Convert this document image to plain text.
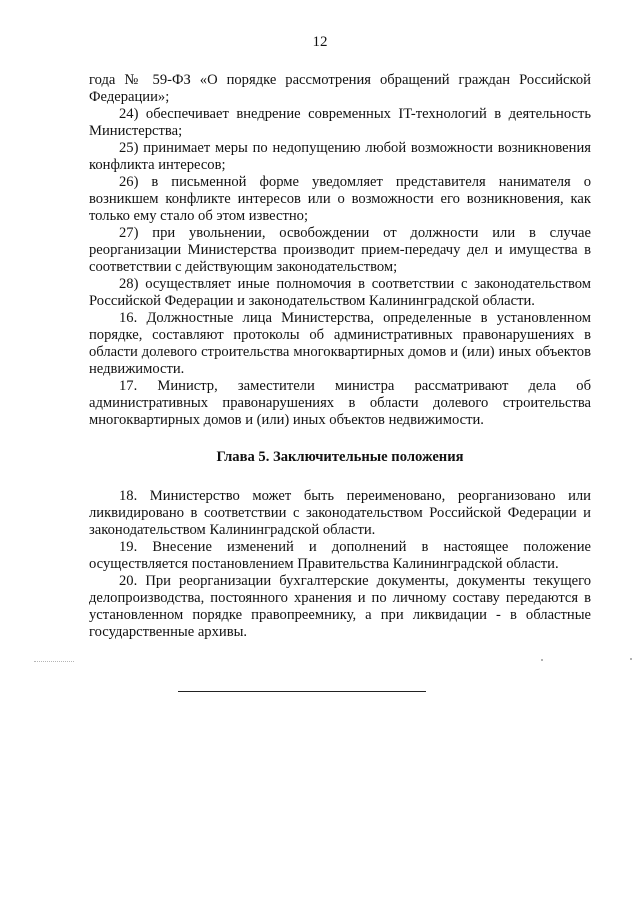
12

года № 59-ФЗ «О порядке рассмотрения обращений граждан Российской Федерации»;

24) обеспечивает внедрение современных IT-технологий в деятельность Министерства;

25) принимает меры по недопущению любой возможности возникновения конфликта интересов;

26) в письменной форме уведомляет представителя нанимателя о возникшем конфликте интересов или о возможности его возникновения, как только ему стало об этом известно;

27) при увольнении, освобождении от должности или в случае реорганизации Министерства производит прием-передачу дел и имущества в соответствии с действующим законодательством;

28) осуществляет иные полномочия в соответствии с законодательством Российской Федерации и законодательством Калининградской области.

16. Должностные лица Министерства, определенные в установленном порядке, составляют протоколы об административных правонарушениях в области долевого строительства многоквартирных домов и (или) иных объектов недвижимости.

17. Министр, заместители министра рассматривают дела об административных правонарушениях в области долевого строительства многоквартирных домов и (или) иных объектов недвижимости.

Глава 5. Заключительные положения

18. Министерство может быть переименовано, реорганизовано или ликвидировано в соответствии с законодательством Российской Федерации и законодательством Калининградской области.

19. Внесение изменений и дополнений в настоящее положение осуществляется постановлением Правительства Калининградской области.

20. При реорганизации бухгалтерские документы, документы текущего делопроизводства, постоянного хранения и по личному составу передаются в установленном порядке правопреемнику, а при ликвидации - в областные государственные архивы.
